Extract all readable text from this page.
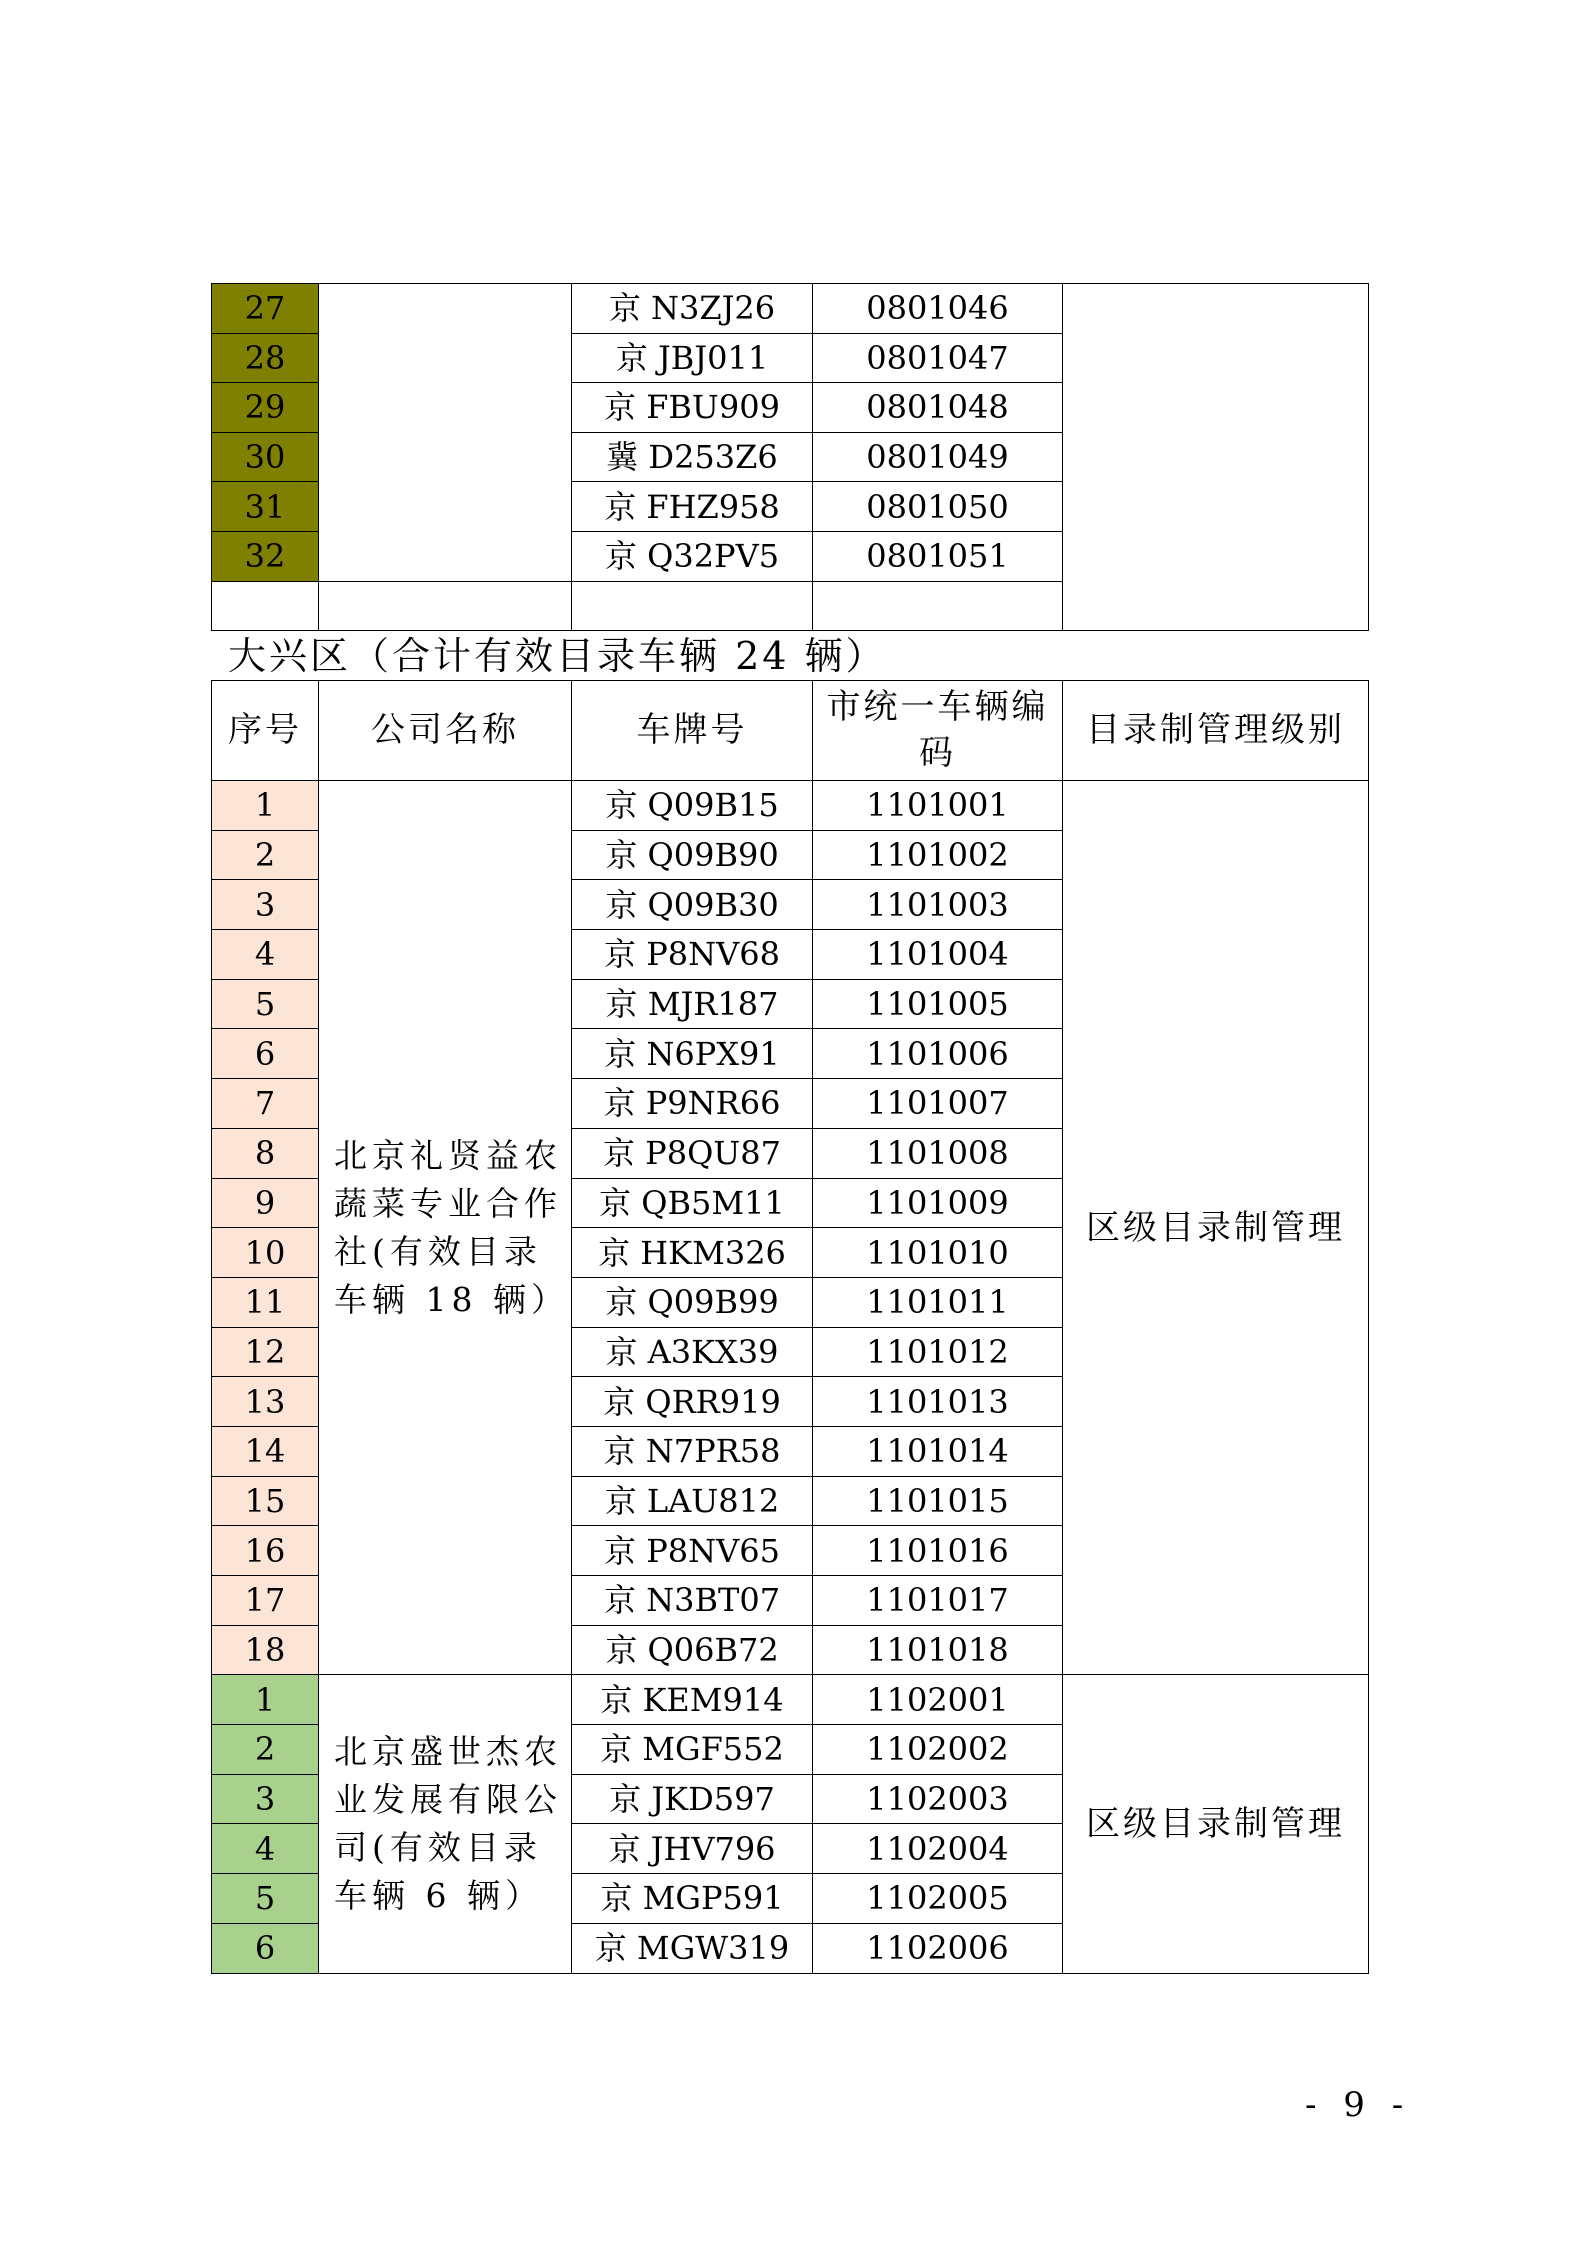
27		京 N3ZJ26	0801046	
28		京 JBJ011	0801047	
29		京 FBU909	0801048	
30		冀 D253Z6	0801049	
31		京 FHZ958	0801050	
32		京 Q32PV5	0801051	

大兴区（合计有效目录车辆 24 辆）
序号	公司名称	车牌号	市统一车辆编码	目录制管理级别
1	北京礼贤益农蔬菜专业合作社(有效目录车辆 18 辆）	京 Q09B15	1101001	区级目录制管理
2		京 Q09B90	1101002	
3		京 Q09B30	1101003	
4		京 P8NV68	1101004	
5		京 MJR187	1101005	
6		京 N6PX91	1101006	
7		京 P9NR66	1101007	
8		京 P8QU87	1101008	
9		京 QB5M11	1101009	
10		京 HKM326	1101010	
11		京 Q09B99	1101011	
12		京 A3KX39	1101012	
13		京 QRR919	1101013	
14		京 N7PR58	1101014	
15		京 LAU812	1101015	
16		京 P8NV65	1101016	
17		京 N3BT07	1101017	
18		京 Q06B72	1101018	
1	北京盛世杰农业发展有限公司(有效目录车辆 6 辆）	京 KEM914	1102001	区级目录制管理
2		京 MGF552	1102002	
3		京 JKD597	1102003	
4		京 JHV796	1102004	
5		京 MGP591	1102005	
6		京 MGW319	1102006	
- 9 -
